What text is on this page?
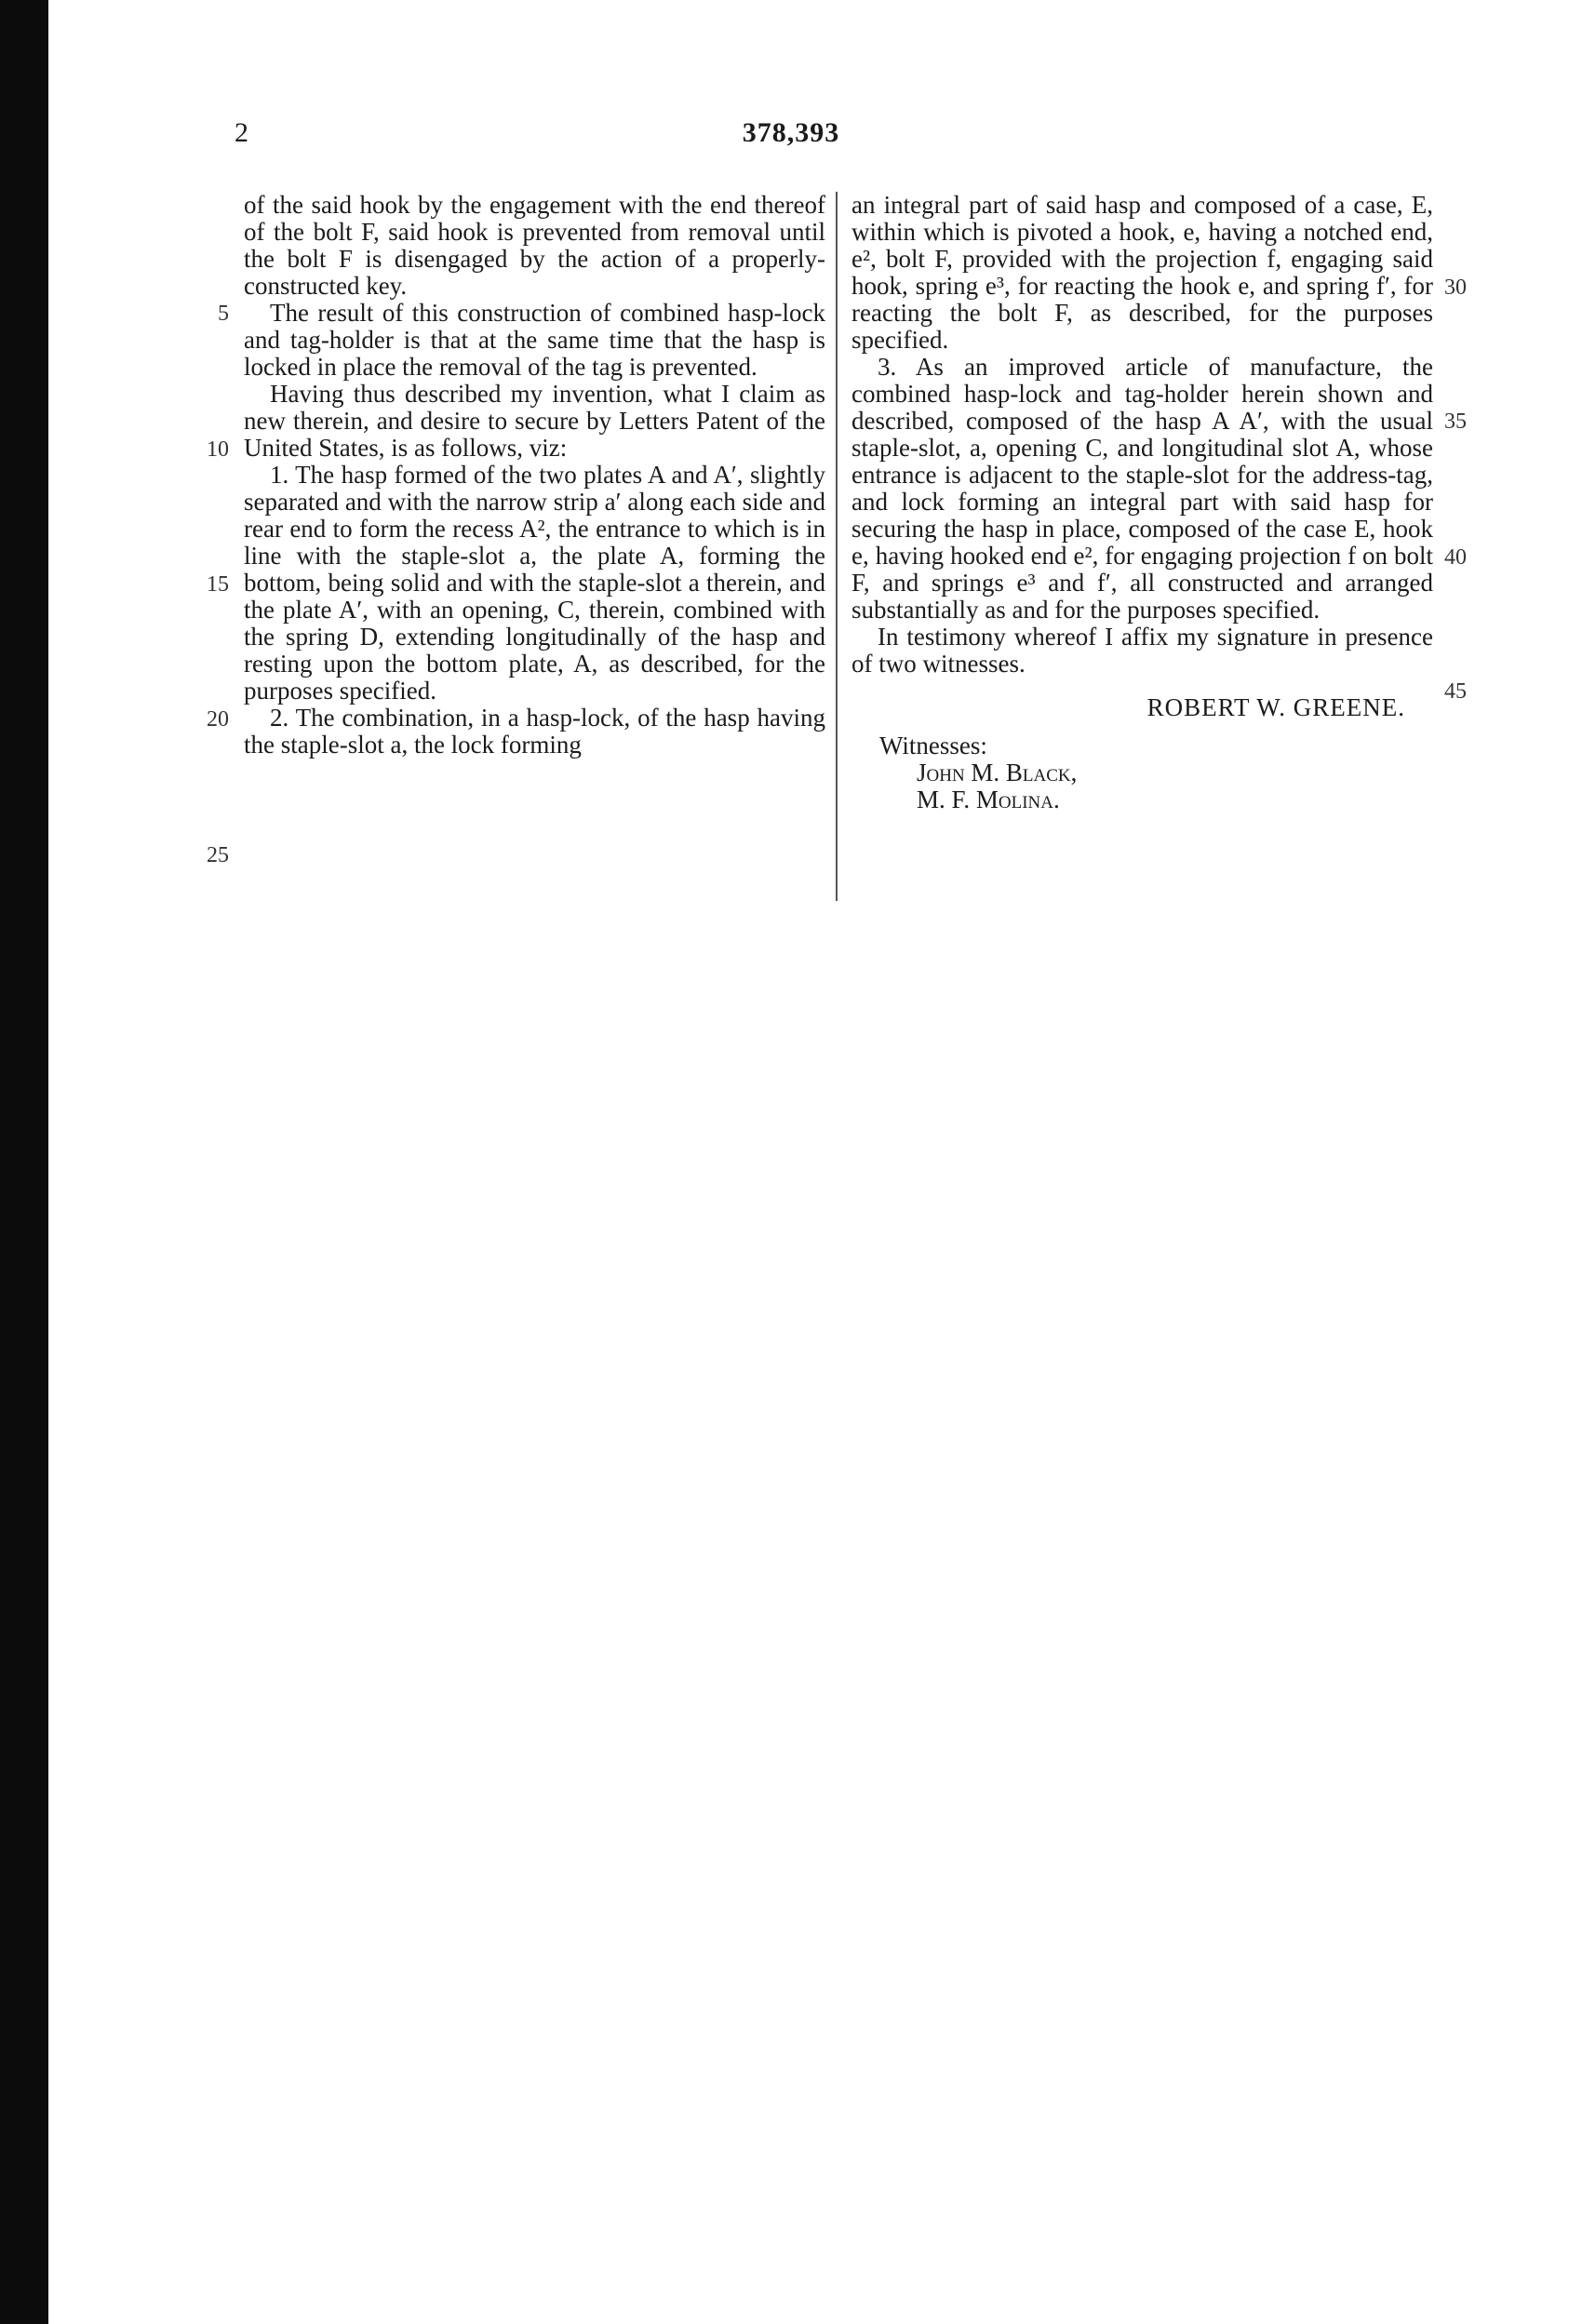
2	378,393

of the said hook by the engagement with the end thereof of the bolt F, said hook is prevented from removal until the bolt F is disengaged by the action of a properly-constructed key.

The result of this construction of combined hasp-lock and tag-holder is that at the same time that the hasp is locked in place the removal of the tag is prevented.

Having thus described my invention, what I claim as new therein, and desire to secure by Letters Patent of the United States, is as follows, viz:

1. The hasp formed of the two plates A and A′, slightly separated and with the narrow strip a′ along each side and rear end to form the recess A², the entrance to which is in line with the staple-slot a, the plate A, forming the bottom, being solid and with the staple-slot a therein, and the plate A′, with an opening, C, therein, combined with the spring D, extending longitudinally of the hasp and resting upon the bottom plate, A, as described, for the purposes specified.

2. The combination, in a hasp-lock, of the hasp having the staple-slot a, the lock forming

an integral part of said hasp and composed of a case, E, within which is pivoted a hook, e, having a notched end, e², bolt F, provided with the projection f, engaging said hook, spring e³, for reacting the hook e, and spring f′, for reacting the bolt F, as described, for the purposes specified.

3. As an improved article of manufacture, the combined hasp-lock and tag-holder herein shown and described, composed of the hasp A A′, with the usual staple-slot, a, opening C, and longitudinal slot A, whose entrance is adjacent to the staple-slot for the address-tag, and lock forming an integral part with said hasp for securing the hasp in place, composed of the case E, hook e, having hooked end e², for engaging projection f on bolt F, and springs e³ and f′, all constructed and arranged substantially as and for the purposes specified.

In testimony whereof I affix my signature in presence of two witnesses.

ROBERT W. GREENE.

Witnesses:

John M. Black,

M. F. Molina.

5
10
15
20
25
30
35
40
45
